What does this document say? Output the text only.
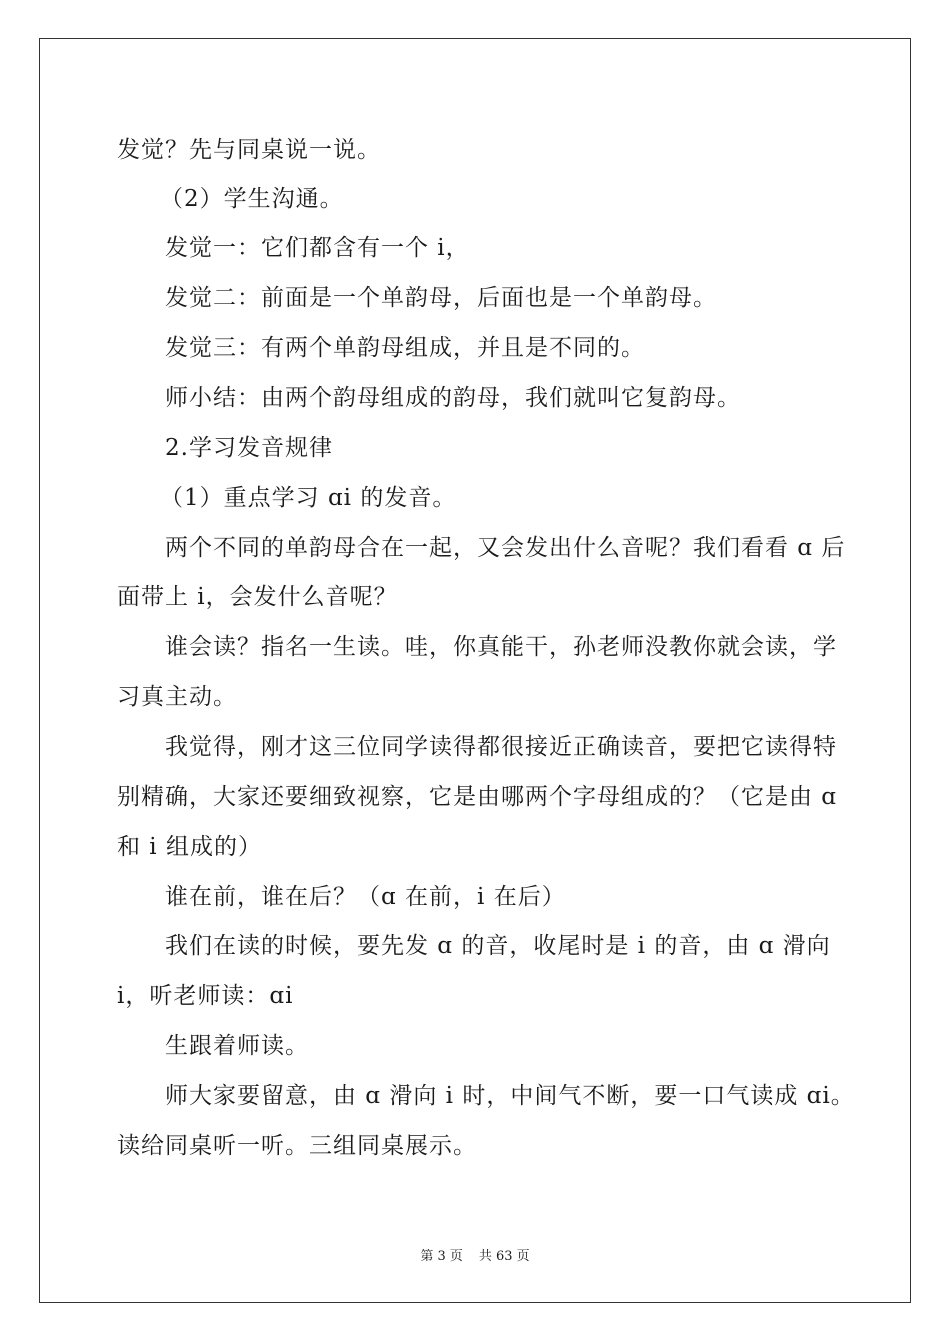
发觉？先与同桌说一说。
（2）学生沟通。
发觉一：它们都含有一个 i，
发觉二：前面是一个单韵母，后面也是一个单韵母。
发觉三：有两个单韵母组成，并且是不同的。
师小结：由两个韵母组成的韵母，我们就叫它复韵母。
2.学习发音规律
（1）重点学习 ɑi 的发音。
两个不同的单韵母合在一起，又会发出什么音呢？我们看看 ɑ 后
面带上 i，会发什么音呢？
谁会读？指名一生读。哇，你真能干，孙老师没教你就会读，学
习真主动。
我觉得，刚才这三位同学读得都很接近正确读音，要把它读得特
别精确，大家还要细致视察，它是由哪两个字母组成的？（它是由 ɑ
和 i 组成的）
谁在前，谁在后？（ɑ 在前，i 在后）
我们在读的时候，要先发 ɑ 的音，收尾时是 i 的音，由 ɑ 滑向
i，听老师读：ɑi
生跟着师读。
师大家要留意，由 ɑ 滑向 i 时，中间气不断，要一口气读成 ɑi。
读给同桌听一听。三组同桌展示。
第 3 页 共 63 页
